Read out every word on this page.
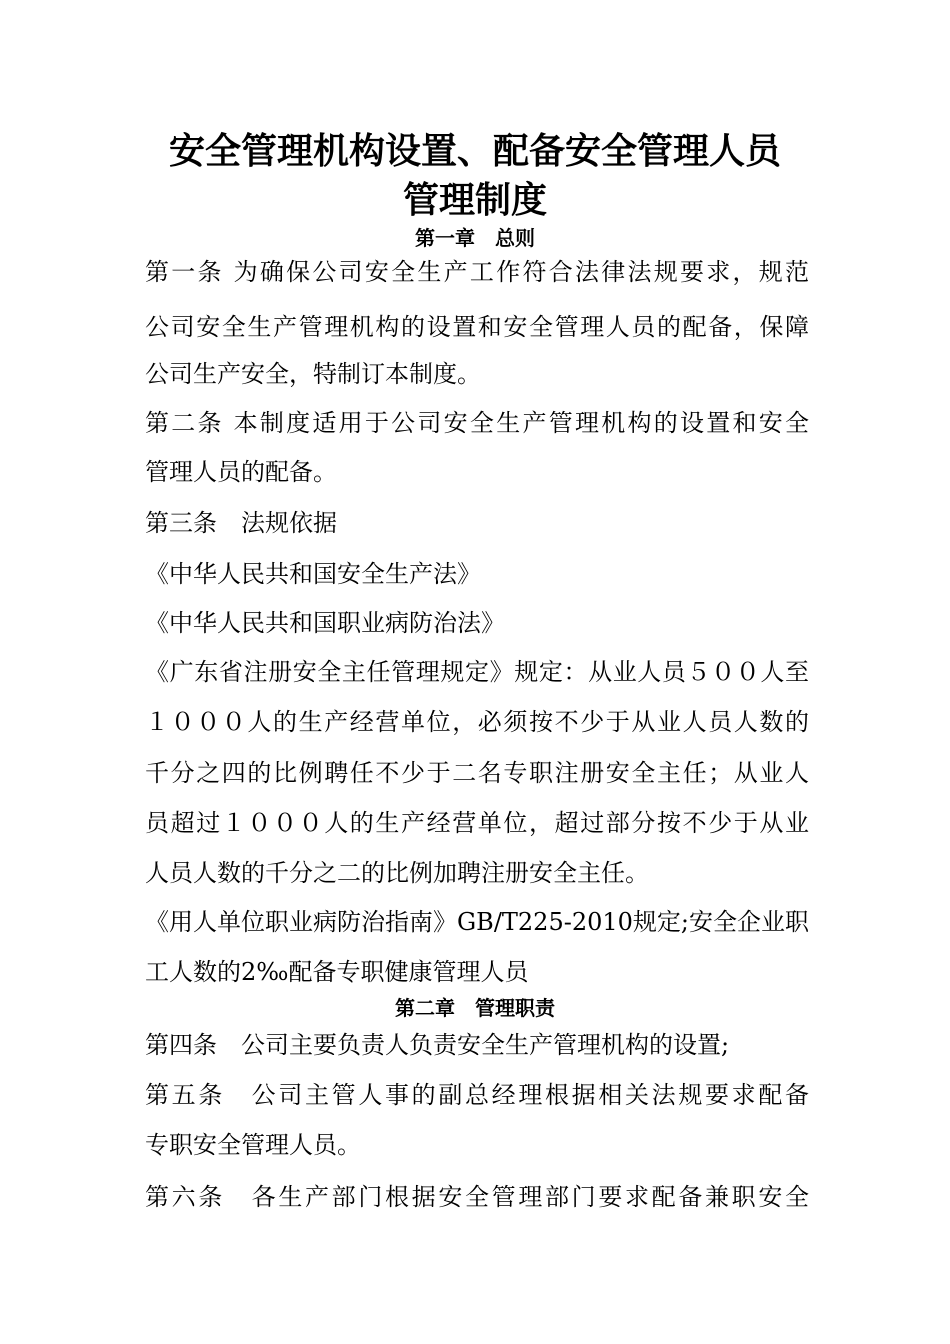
安全管理机构设置、配备安全管理人员
管理制度
第一章　总则
第一条 为确保公司安全生产工作符合法律法规要求，规范
公司安全生产管理机构的设置和安全管理人员的配备，保障
公司生产安全，特制订本制度。
第二条 本制度适用于公司安全生产管理机构的设置和安全
管理人员的配备。
第三条　法规依据
《中华人民共和国安全生产法》
《中华人民共和国职业病防治法》
《广东省注册安全主任管理规定》规定：从业人员５００人至
１０００人的生产经营单位，必须按不少于从业人员人数的
千分之四的比例聘任不少于二名专职注册安全主任；从业人
员超过１０００人的生产经营单位，超过部分按不少于从业
人员人数的千分之二的比例加聘注册安全主任。
《用人单位职业病防治指南》GB/T225-2010规定;安全企业职
工人数的2‰配备专职健康管理人员
第二章　管理职责
第四条　公司主要负责人负责安全生产管理机构的设置;
第五条　公司主管人事的副总经理根据相关法规要求配备
专职安全管理人员。
第六条　各生产部门根据安全管理部门要求配备兼职安全
